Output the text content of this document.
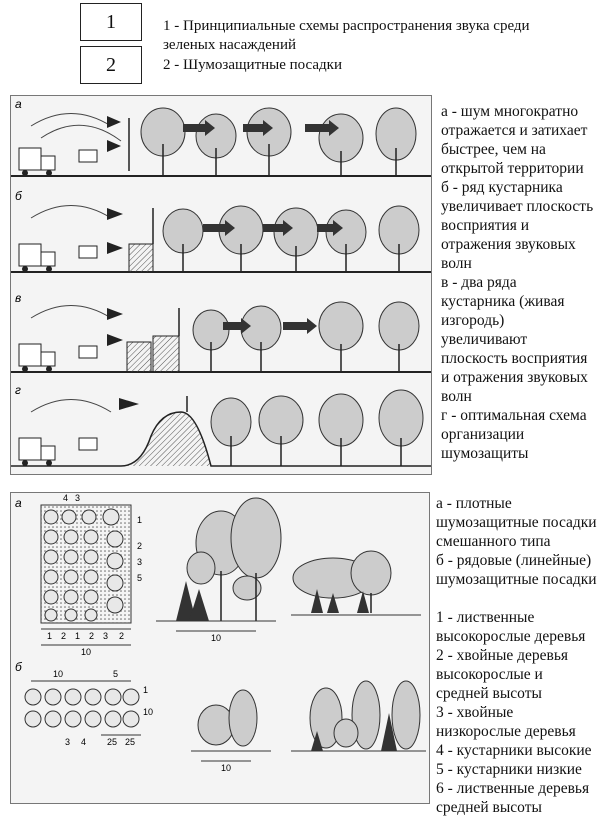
1
2
1 - Принципиальные схемы распространения звука среди
зеленых насаждений
2 - Шумозащитные посадки
а
б
в
г
а - шум многократно
отражается и затихает
быстрее, чем на
открытой территории
б - ряд кустарника
увеличивает плоскость
восприятия и
отражения звуковых
волн
в - два ряда
кустарника (живая
изгородь)
увеличивают
плоскость восприятия
и отражения звуковых
волн
г - оптимальная схема
организации
шумозащиты
а	4 3
1
2
3
5
1 2 1 2 3 2
10
10
б	10	5
1
10
3 4 25 25
10
а - плотные
шумозащитные посадки
смешанного типа
б - рядовые (линейные)
шумозащитные посадки
1 - лиственные
высокорослые деревья
2 - хвойные деревья
высокорослые и
средней высоты
3 - хвойные
низкорослые деревья
4 - кустарники высокие
5 - кустарники низкие
6 - лиственные деревья
средней высоты
